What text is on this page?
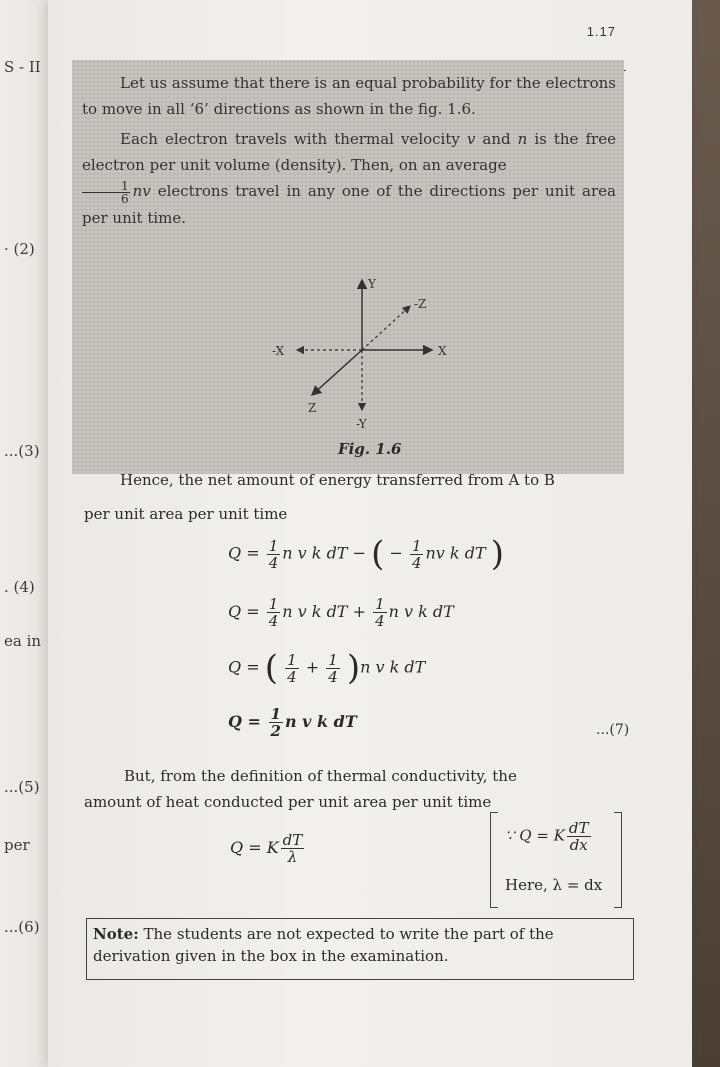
S - II
· (2)
...(3)
. (4)
ea in
...(5)
per
...(6)
1.17

Let us assume that there is an equal probability for the electrons to move in all ‘6’ directions as shown in the fig. 1.6.

Each electron travels with thermal velocity v and n is the free electron per unit volume (density). Then, on an average

$\frac{1}{6}$ nv electrons travel in any one of the directions per unit area per unit time.

Y
-Y
X
-X
Z
-Z
Fig. 1.6
Hence, the net amount of energy transferred from A to B
per unit area per unit time
$Q = \frac{1}{4}$ n v k dT − ( − $\frac{1}{4}$ nv k dT )
$Q = \frac{1}{4}$ n v k dT + $\frac{1}{4}$ n v k dT
Q = ( $\frac{1}{4} + \frac{1}{4} )n$ v k dT
$Q = \frac{1}{2}$ n v k dT	...(7)
But, from the definition of thermal conductivity, the
amount of heat conducted per unit area per unit time
Q = K $\frac{dT}{\lambda}$	∵ Q = K $\frac{dT}{dx}$
Here, λ = dx
Note: The students are not expected to write the part of the derivation given in the box in the examination.
